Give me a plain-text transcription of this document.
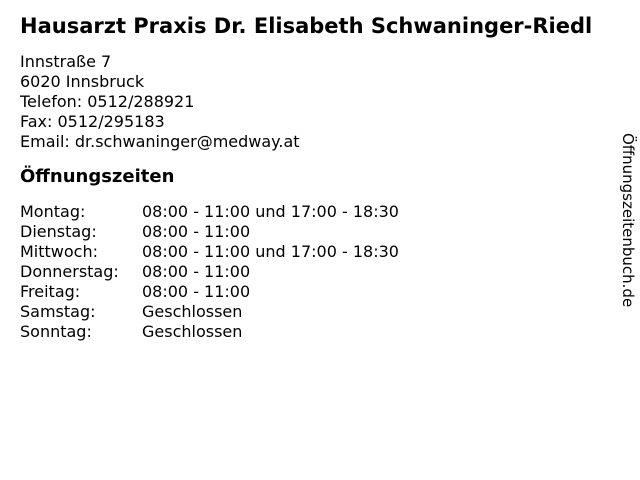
Hausarzt Praxis Dr. Elisabeth Schwaninger-Riedl
Innstraße 7
6020 Innsbruck
Telefon: 0512/288921
Fax: 0512/295183
Email: dr.schwaninger@medway.at
Öffnungszeiten
Montag:	08:00 - 11:00 und 17:00 - 18:30
Dienstag:	08:00 - 11:00
Mittwoch:	08:00 - 11:00 und 17:00 - 18:30
Donnerstag:	08:00 - 11:00
Freitag:	08:00 - 11:00
Samstag:	Geschlossen
Sonntag:	Geschlossen
Öffnungszeitenbuch.de
